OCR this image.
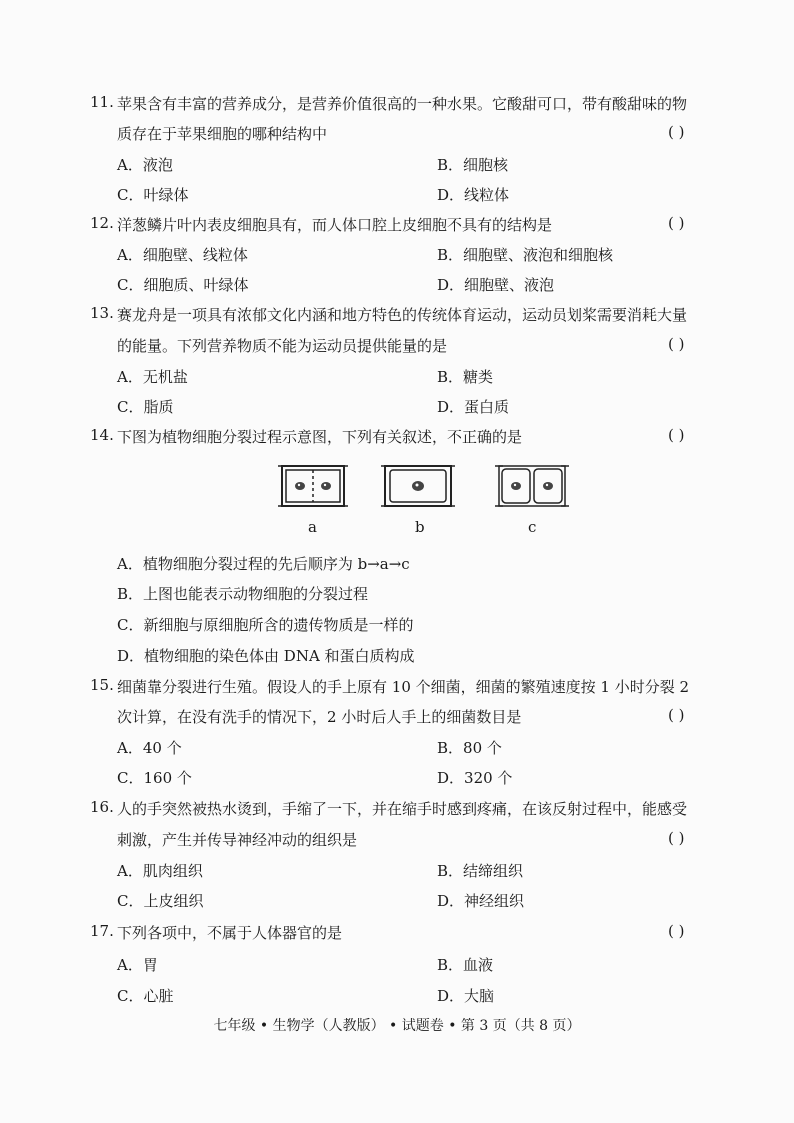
11. 苹果含有丰富的营养成分，是营养价值很高的一种水果。它酸甜可口，带有酸甜味的物
质存在于苹果细胞的哪种结构中	( )
A．液泡	B．细胞核
C．叶绿体	D．线粒体
12. 洋葱鳞片叶内表皮细胞具有，而人体口腔上皮细胞不具有的结构是	( )
A．细胞壁、线粒体	B．细胞壁、液泡和细胞核
C．细胞质、叶绿体	D．细胞壁、液泡
13. 赛龙舟是一项具有浓郁文化内涵和地方特色的传统体育运动，运动员划桨需要消耗大量
的能量。下列营养物质不能为运动员提供能量的是	( )
A．无机盐	B．糖类
C．脂质	D．蛋白质
14. 下图为植物细胞分裂过程示意图，下列有关叙述，不正确的是	( )
a	b	c
A．植物细胞分裂过程的先后顺序为 b→a→c
B．上图也能表示动物细胞的分裂过程
C．新细胞与原细胞所含的遗传物质是一样的
D．植物细胞的染色体由 DNA 和蛋白质构成
15. 细菌靠分裂进行生殖。假设人的手上原有 10 个细菌，细菌的繁殖速度按 1 小时分裂 2
次计算，在没有洗手的情况下，2 小时后人手上的细菌数目是	( )
A．40 个	B．80 个
C．160 个	D．320 个
16. 人的手突然被热水烫到，手缩了一下，并在缩手时感到疼痛，在该反射过程中，能感受
刺激，产生并传导神经冲动的组织是	( )
A．肌肉组织	B．结缔组织
C．上皮组织	D．神经组织
17. 下列各项中，不属于人体器官的是	( )
A．胃	B．血液
C．心脏	D．大脑
七年级 • 生物学（人教版） • 试题卷 • 第 3 页（共 8 页）
